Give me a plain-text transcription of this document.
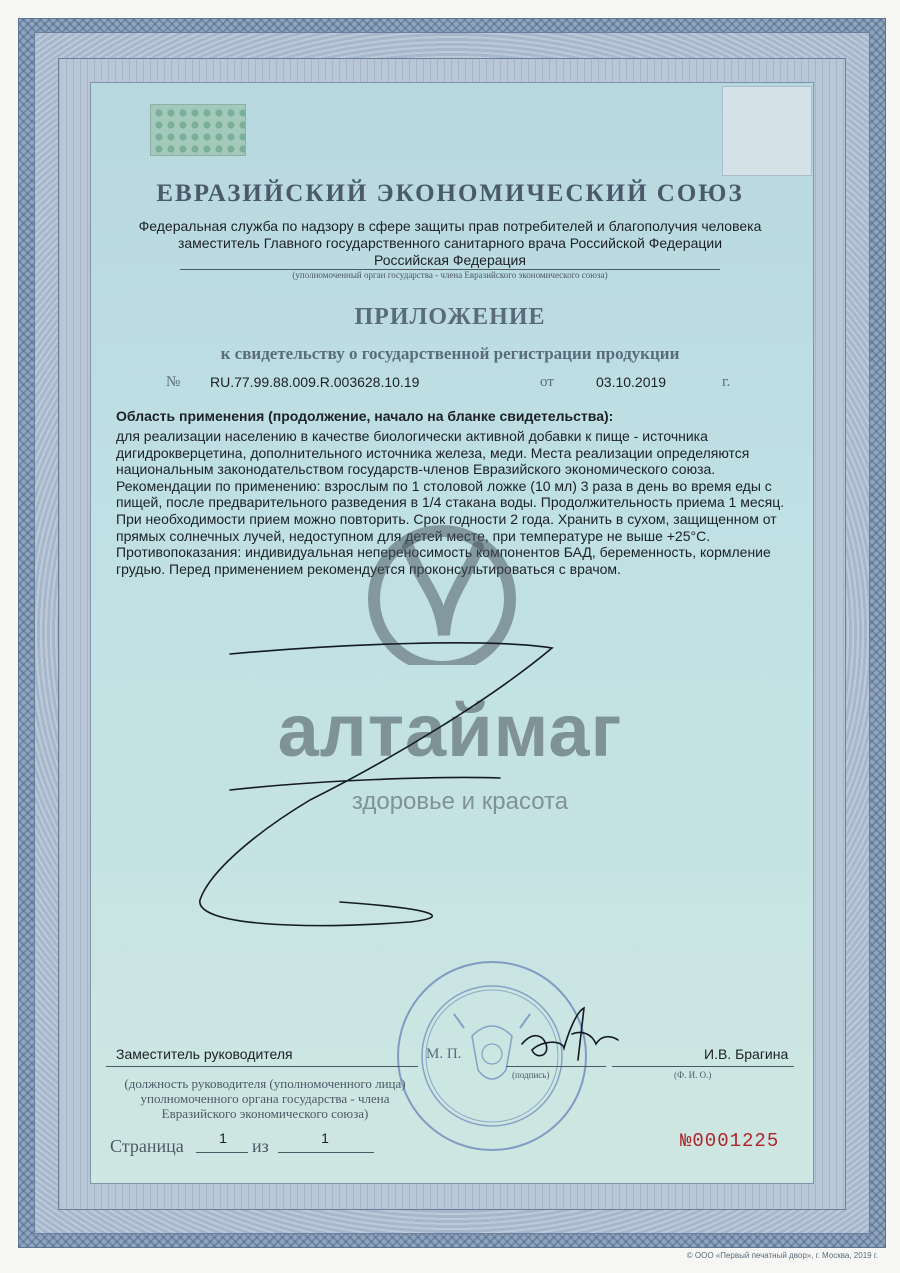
ЕВРАЗИЙСКИЙ ЭКОНОМИЧЕСКИЙ СОЮЗ
Федеральная служба по надзору в сфере защиты прав потребителей и благополучия человека
заместитель Главного государственного санитарного врача Российской Федерации
Российская Федерация
(уполномоченный орган государства - члена Евразийского экономического союза)
ПРИЛОЖЕНИЕ
к свидетельству о государственной регистрации продукции
№ RU.77.99.88.009.R.003628.10.19	от	03.10.2019	г.
Область применения (продолжение, начало на бланке свидетельства):
для реализации населению в качестве биологически активной добавки к пище - источника дигидрокверцетина, дополнительного источника железа, меди. Места реализации определяются национальным законодательством государств-членов Евразийского экономического союза. Рекомендации по применению: взрослым по 1 столовой ложке (10 мл) 3 раза в день во время еды с пищей, после предварительного разведения в 1/4 стакана воды. Продолжительность приема 1 месяц. При необходимости прием можно повторить. Срок годности 2 года. Хранить в сухом, защищенном от прямых солнечных лучей, недоступном для детей месте, при температуре не выше +25°С. Противопоказания: индивидуальная непереносимость компонентов БАД, беременность, кормление грудью. Перед применением рекомендуется проконсультироваться с врачом.
алтаймаг
здоровье и красота
Заместитель руководителя	М. П.	И.В. Брагина
(подпись)	(Ф. И. О.)
(должность руководителя (уполномоченного лица) уполномоченного органа государства - члена Евразийского экономического союза)
Страница	1	из	1	№0001225
© ООО «Первый печатный двор», г. Москва, 2019 г.
